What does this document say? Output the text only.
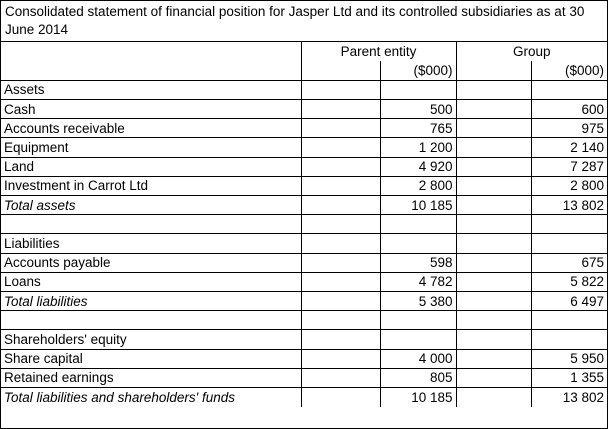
Consolidated statement of financial position for Jasper Ltd and its controlled subsidiaries as at 30 June 2014
	Parent entity		Group	
		($000)		($000)
Assets				
Cash		500		600
Accounts receivable		765		975
Equipment		1 200		2 140
Land		4 920		7 287
Investment in Carrot Ltd		2 800		2 800
Total assets		10 185		13 802

Liabilities				
Accounts payable		598		675
Loans		4 782		5 822
Total liabilities		5 380		6 497

Shareholders' equity				
Share capital		4 000		5 950
Retained earnings		805		1 355
Total liabilities and shareholders' funds		10 185		13 802
